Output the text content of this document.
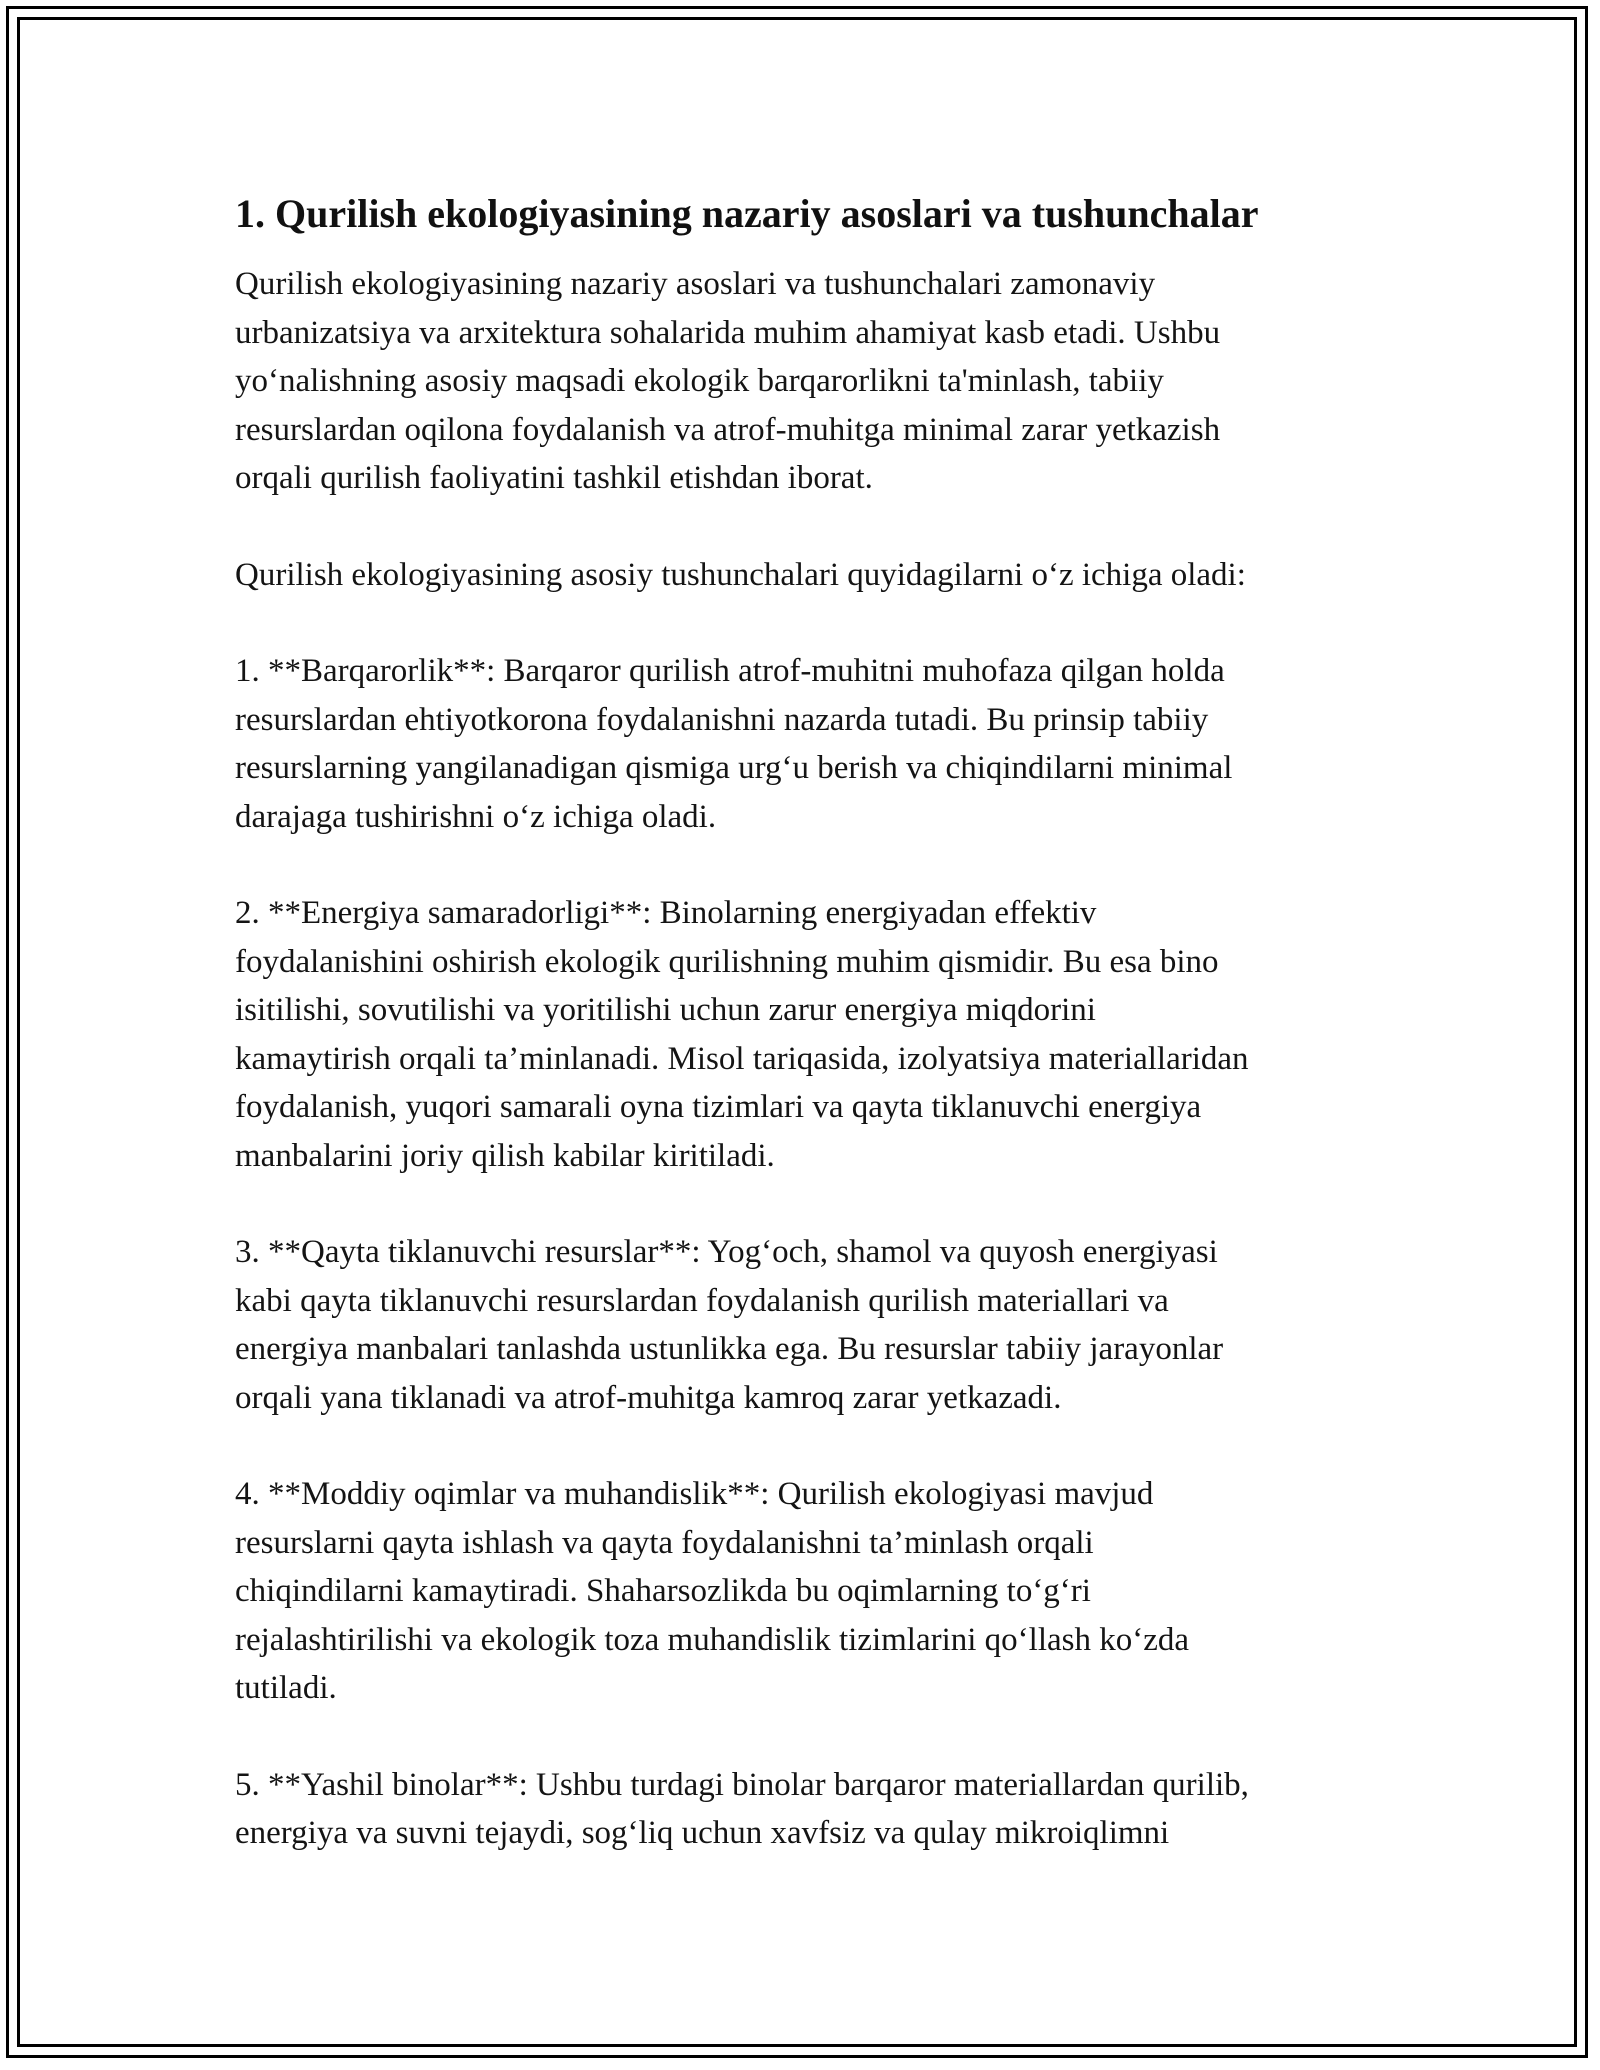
1. Qurilish ekologiyasining nazariy asoslari va tushunchalar

Qurilish ekologiyasining nazariy asoslari va tushunchalari zamonaviy
urbanizatsiya va arxitektura sohalarida muhim ahamiyat kasb etadi. Ushbu
yo‘nalishning asosiy maqsadi ekologik barqarorlikni ta'minlash, tabiiy
resurslardan oqilona foydalanish va atrof-muhitga minimal zarar yetkazish
orqali qurilish faoliyatini tashkil etishdan iborat.

Qurilish ekologiyasining asosiy tushunchalari quyidagilarni o‘z ichiga oladi:

1. **Barqarorlik**: Barqaror qurilish atrof-muhitni muhofaza qilgan holda
resurslardan ehtiyotkorona foydalanishni nazarda tutadi. Bu prinsip tabiiy
resurslarning yangilanadigan qismiga urg‘u berish va chiqindilarni minimal
darajaga tushirishni o‘z ichiga oladi.

2. **Energiya samaradorligi**: Binolarning energiyadan effektiv
foydalanishini oshirish ekologik qurilishning muhim qismidir. Bu esa bino
isitilishi, sovutilishi va yoritilishi uchun zarur energiya miqdorini
kamaytirish orqali ta’minlanadi. Misol tariqasida, izolyatsiya materiallaridan
foydalanish, yuqori samarali oyna tizimlari va qayta tiklanuvchi energiya
manbalarini joriy qilish kabilar kiritiladi.

3. **Qayta tiklanuvchi resurslar**: Yog‘och, shamol va quyosh energiyasi
kabi qayta tiklanuvchi resurslardan foydalanish qurilish materiallari va
energiya manbalari tanlashda ustunlikka ega. Bu resurslar tabiiy jarayonlar
orqali yana tiklanadi va atrof-muhitga kamroq zarar yetkazadi.

4. **Moddiy oqimlar va muhandislik**: Qurilish ekologiyasi mavjud
resurslarni qayta ishlash va qayta foydalanishni ta’minlash orqali
chiqindilarni kamaytiradi. Shaharsozlikda bu oqimlarning to‘g‘ri
rejalashtirilishi va ekologik toza muhandislik tizimlarini qo‘llash ko‘zda
tutiladi.

5. **Yashil binolar**: Ushbu turdagi binolar barqaror materiallardan qurilib,
energiya va suvni tejaydi, sog‘liq uchun xavfsiz va qulay mikroiqlimni
